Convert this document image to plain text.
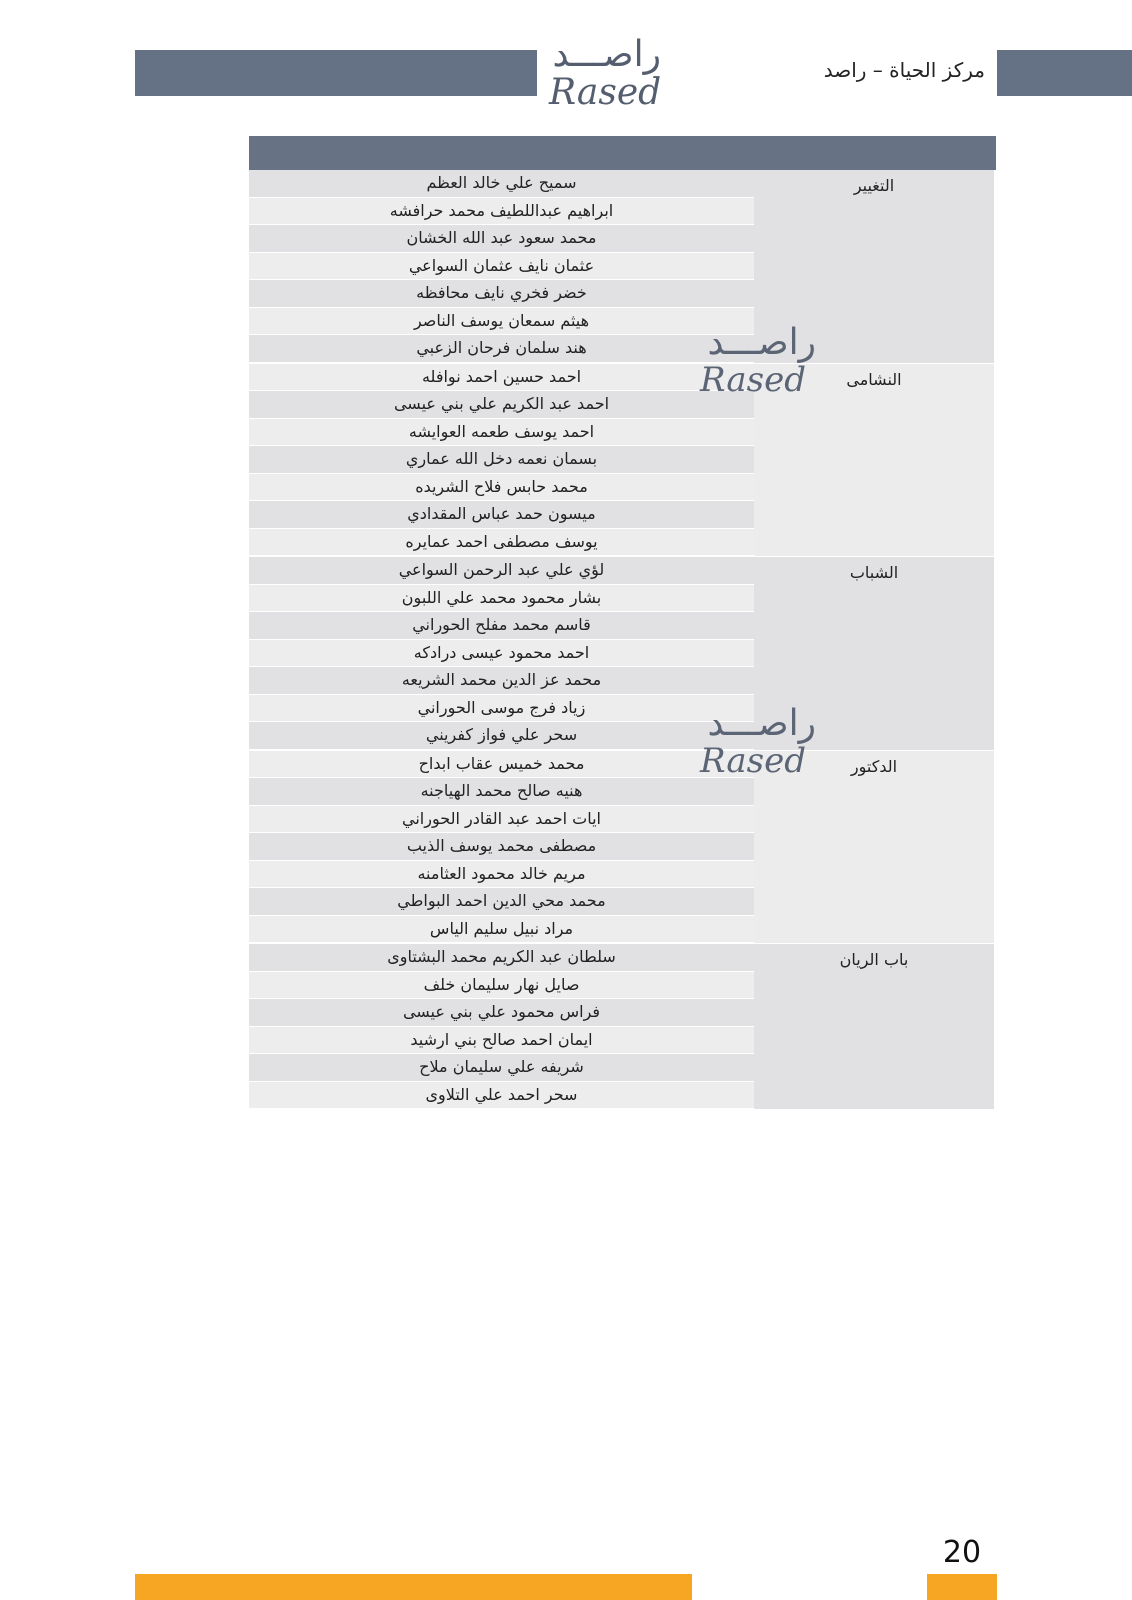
راصـــد
Rased
مركز الحياة – راصد
التغيير
سميح علي خالد العظم
ابراهيم عبداللطيف محمد حرافشه
محمد سعود عبد الله الخشان
عثمان نايف عثمان السواعي
خضر فخري نايف محافظه
هيثم سمعان يوسف الناصر
هند سلمان فرحان الزعبي
النشامى
احمد حسين احمد نوافله
احمد عبد الكريم علي بني عيسى
احمد يوسف طعمه العوايشه
بسمان نعمه دخل الله عماري
محمد حابس فلاح الشريده
ميسون حمد عباس المقدادي
يوسف مصطفى احمد عمايره
الشباب
لؤي علي عبد الرحمن السواعي
بشار محمود محمد علي اللبون
قاسم محمد مفلح الحوراني
احمد محمود عيسى درادكه
محمد عز الدين محمد الشريعه
زياد فرج موسى الحوراني
سحر علي فواز كفريني
الدكتور
محمد خميس عقاب ابداح
هنيه صالح محمد الهياجنه
ايات احمد عبد القادر الحوراني
مصطفى محمد يوسف الذيب
مريم خالد محمود العثامنه
محمد محي الدين احمد البواطي
مراد نبيل سليم الياس
باب الريان
سلطان عبد الكريم محمد البشتاوى
صايل نهار سليمان خلف
فراس محمود علي بني عيسى
ايمان احمد صالح بني ارشيد
شريفه علي سليمان ملاح
سحر احمد علي التلاوى
راصـــد
Rased
راصـــد
Rased
20
